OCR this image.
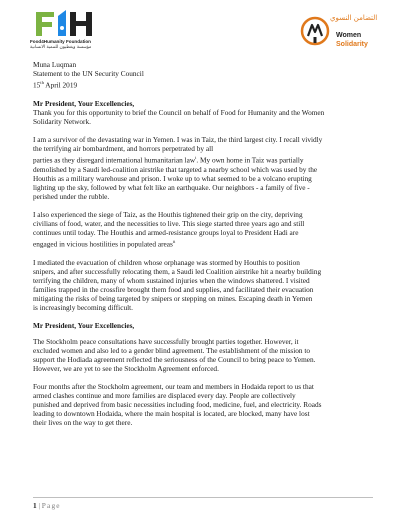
Food4Humanity Foundation
مؤسسة ويغطيون للتنمية الانسانية
التضامن النسوي
Women
Solidarity
Muna Luqman
Statement to the UN Security Council
15th April 2019
Mr President, Your Excellencies,
Thank you for this opportunity to brief the Council on behalf of Food for Humanity and the Women
Solidarity Network.
I am a survivor of the devastating war in Yemen. I was in Taiz, the third largest city. I recall vividly
the terrifying air bombardment, and horrors perpetrated by all
parties as they disregard international humanitarian law$^i$. My own home in Taiz was partially
demolished by a Saudi led-coalition airstrike that targeted a nearby school which was used by the
Houthis as a military warehouse and prison. I woke up to what seemed to be a volcano erupting
lighting up the sky, followed by what felt like an earthquake. Our neighbors - a family of five -
perished under the rubble.
I also experienced the siege of Taiz, as the Houthis tightened their grip on the city, depriving
civilians of food, water, and the necessities to live. This siege started three years ago and still
continues until today. The Houthis and armed-resistance groups loyal to President Hadi are
engaged in vicious hostilities in populated areas$^{ii}$
I mediated the evacuation of children whose orphanage was stormed by Houthis to position
snipers, and after successfully relocating them, a Saudi led Coalition airstrike hit a nearby building
terrifying the children, many of whom sustained injuries when the windows shattered. I visited
families trapped in the crossfire brought them food and supplies, and facilitated their evacuation
mitigating the risks of being targeted by snipers or stepping on mines. Escaping death in Yemen
is increasingly becoming difficult.
Mr President, Your Excellencies,
The Stockholm peace consultations have successfully brought parties together. However, it
excluded women and also led to a gender blind agreement. The establishment of the mission to
support the Hodiada agreement reflected the seriousness of the Council to bring peace to Yemen.
However, we are yet to see the Stockholm Agreement enforced.
Four months after the Stockholm agreement, our team and members in Hodaida report to us that
armed clashes continue and more families are displaced every day. People are collectively
punished and deprived from basic necessities including food, medicine, fuel, and electricity. Roads
leading to downtown Hodaida, where the main hospital is located, are blocked, many have lost
their lives on the way to get there.
1 | Page
